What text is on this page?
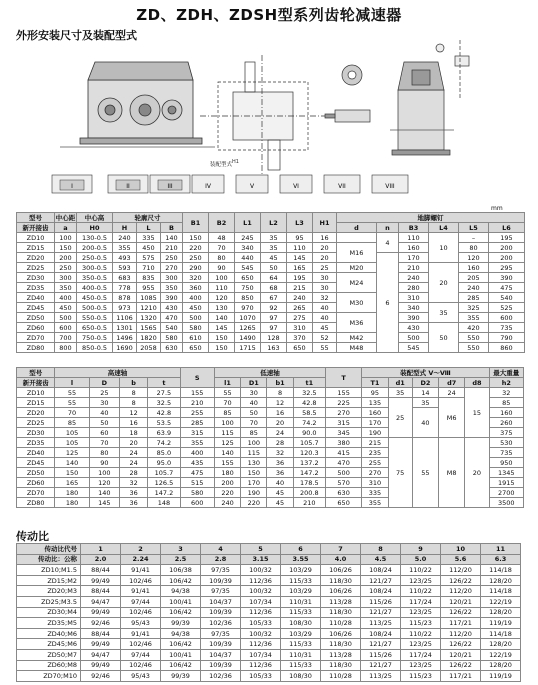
ZD、ZDH、ZDSH型系列齿轮减速器
外形安装尺寸及装配型式
H1
装配型式
I	II	III	IV	V	VI	VII	VIII
mm
型号	中心距	中心高	轮廓尺寸			B1	B2	L1	L2	L3	H1	地脚螺钉					
新开接齿	a	H0	H	L	B							d	n	B3	L4	L5	L6
ZD10	100	130-0.5	240	335	140	150	48	245	35	95	16		4	110	10	–	195
ZD15	150	200-0.5	355	450	210	220	70	340	35	110	20	M16		160		80	200
ZD20	200	250-0.5	493	575	250	250	80	440	45	145	20		6	170		120	200
ZD25	250	300-0.5	593	710	270	290	90	545	50	165	25	M20		210	20	160	295
ZD30	300	350-0.5	683	835	300	320	100	650	64	195	30	M24		240		205	390
ZD35	350	400-0.5	778	955	350	360	110	750	68	215	30			280		240	475
ZD40	400	450-0.5	878	1085	390	400	120	850	67	240	32	M30		310		285	540
ZD45	450	500-0.5	973	1210	430	450	130	970	92	265	40			340	35	325	525
ZD50	500	550-0.5	1106	1320	470	500	140	1070	97	275	40	M36		390		355	600
ZD60	600	650-0.5	1301	1565	540	580	145	1265	97	310	45			430	50	420	735
ZD70	700	750-0.5	1496	1820	580	610	150	1490	128	370	52	M42		500		550	790
ZD80	800	850-0.5	1690	2058	630	650	150	1715	163	650	55	M48		545		550	860
型号	高速轴				S	低速轴				T	装配型式 V～Ⅷ					最大重量
新开接齿	l	D	b	t		l1	D1	b1	t1		T1	d1	D2	d7	d8	h2
ZD10	55	25	8	27.5	155	55	30	8	32.5	155	95	35	14	24	15	32
ZD15	55	30	8	32.5	210	70	40	12	42.8	225	135	25	35	M6		85
ZD20	70	40	12	42.8	255	85	50	16	58.5	270	160		40			160
ZD25	85	50	16	53.5	285	100	70	20	74.2	315	170					260
ZD30	105	60	18	63.9	315	115	85	24	90.0	345	190					375
ZD35	105	70	20	74.2	355	125	100	28	105.7	380	215	75	55	M8	20	530
ZD40	125	80	24	85.0	400	140	115	32	120.3	415	235					735
ZD45	140	90	24	95.0	435	155	130	36	137.2	470	255					950
ZD50	150	100	28	105.7	475	180	150	36	147.2	500	270					1345
ZD60	165	120	32	126.5	515	200	170	40	178.5	570	310					1915
ZD70	180	140	36	147.2	580	220	190	45	200.8	630	335					2700
ZD80	180	145	36	148	600	240	220	45	210	650	355					3500
传动比
传动比代号	1	2	3	4	5	6	7	8	9	10	11
传动比：公称	2.0	2.24	2.5	2.8	3.15	3.55	4.0	4.5	5.0	5.6	6.3
ZD10;M1.5	88/44	91/41	106/38	97/35	100/32	103/29	106/26	108/24	110/22	112/20	114/18
ZD15;M2	99/49	102/46	106/42	109/39	112/36	115/33	118/30	121/27	123/25	126/22	128/20
ZD20;M3	88/44	91/41	94/38	97/35	100/32	103/29	106/26	108/24	110/22	112/20	114/18
ZD25;M3.5	94/47	97/44	100/41	104/37	107/34	110/31	113/28	115/26	117/24	120/21	122/19
ZD30;M4	99/49	102/46	106/42	109/39	112/36	115/33	118/30	121/27	123/25	126/22	128/20
ZD35;M5	92/46	95/43	99/39	102/36	105/33	108/30	110/28	113/25	115/23	117/21	119/19
ZD40;M6	88/44	91/41	94/38	97/35	100/32	103/29	106/26	108/24	110/22	112/20	114/18
ZD45;M6	99/49	102/46	106/42	109/39	112/36	115/33	118/30	121/27	123/25	126/22	128/20
ZD50;M7	94/47	97/44	100/41	104/37	107/34	110/31	113/28	115/26	117/24	120/21	122/19
ZD60;M8	99/49	102/46	106/42	109/39	112/36	115/33	118/30	121/27	123/25	126/22	128/20
ZD70;M10	92/46	95/43	99/39	102/36	105/33	108/30	110/28	113/25	115/23	117/21	119/19
